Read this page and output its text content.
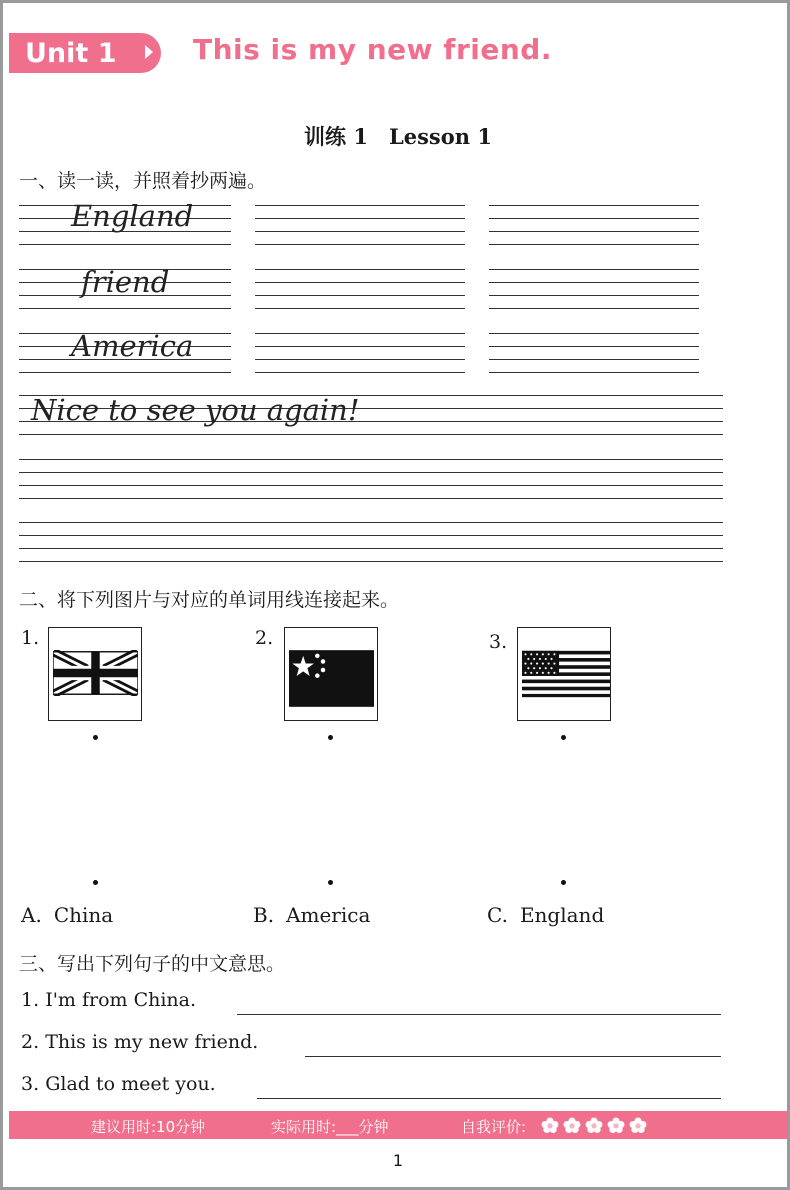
Unit 1	This is my new friend.
训练 1　Lesson 1
一、读一读，并照着抄两遍。
England
friend
America
Nice to see you again!
二、将下列图片与对应的单词用线连接起来。
1.	2.	3.
A. China	B. America	C. England
三、写出下列句子的中文意思。
1. I'm from China.
2. This is my new friend.
3. Glad to meet you.
建议用时:10分钟	实际用时:___分钟	自我评价:
1
